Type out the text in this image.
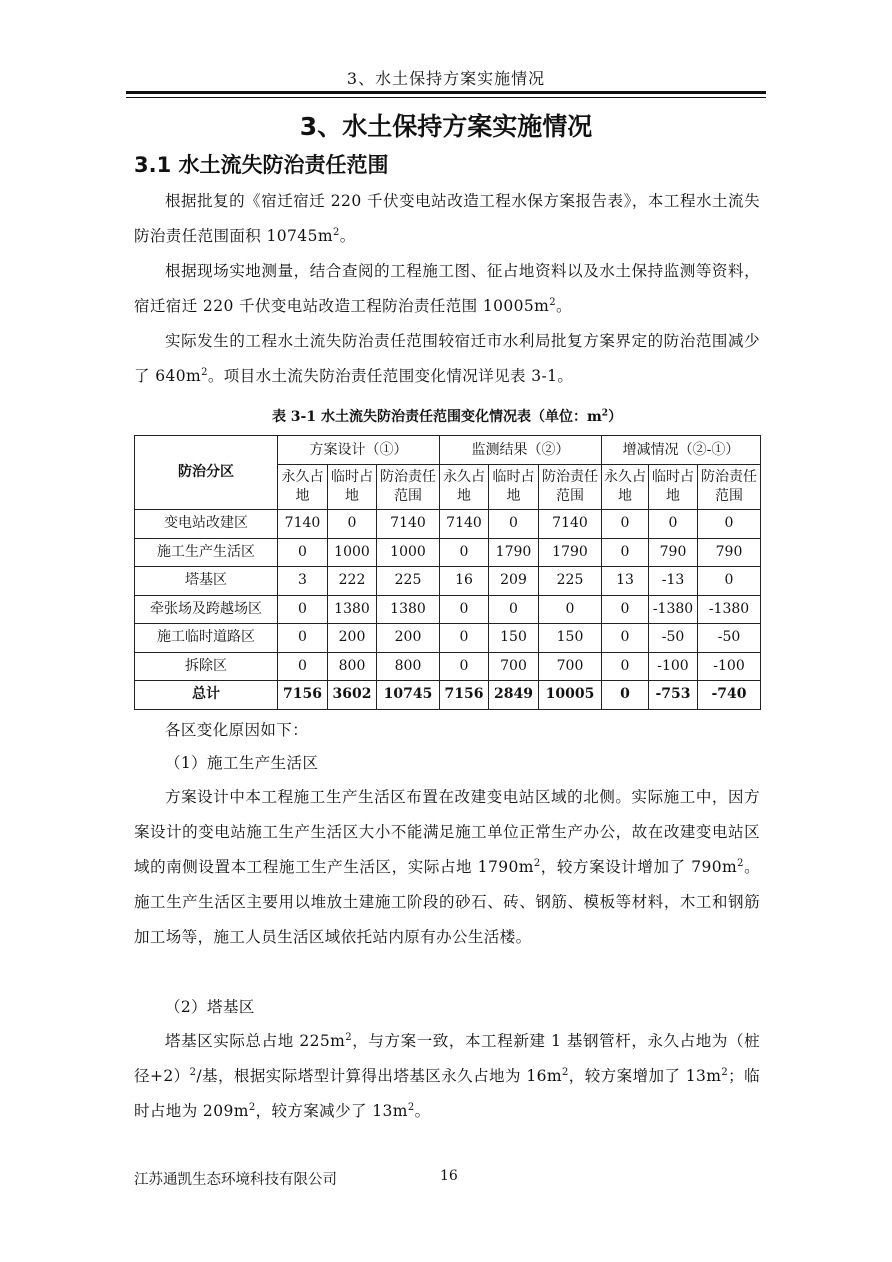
3、水土保持方案实施情况
3、水土保持方案实施情况
3.1 水土流失防治责任范围
根据批复的《宿迁宿迁 220 千伏变电站改造工程水保方案报告表》，本工程水土流失防治责任范围面积 $10745m^2$。
根据现场实地测量，结合查阅的工程施工图、征占地资料以及水土保持监测等资料，宿迁宿迁 220 千伏变电站改造工程防治责任范围 $10005m^2$。
实际发生的工程水土流失防治责任范围较宿迁市水利局批复方案界定的防治范围减少了 $640m^2$。项目水土流失防治责任范围变化情况详见表 3-1。
表 3-1 水土流失防治责任范围变化情况表（单位：$m^2$）
防治分区	方案设计（①）			监测结果（②）			增减情况（②-①）		
	永久占地	临时占地	防治责任范围	永久占地	临时占地	防治责任范围	永久占地	临时占地	防治责任范围
变电站改建区	7140	0	7140	7140	0	7140	0	0	0
施工生产生活区	0	1000	1000	0	1790	1790	0	790	790
塔基区	3	222	225	16	209	225	13	-13	0
牵张场及跨越场区	0	1380	1380	0	0	0	0	-1380	-1380
施工临时道路区	0	200	200	0	150	150	0	-50	-50
拆除区	0	800	800	0	700	700	0	-100	-100
总计	7156	3602	10745	7156	2849	10005	0	-753	-740
各区变化原因如下：
（1）施工生产生活区
方案设计中本工程施工生产生活区布置在改建变电站区域的北侧。实际施工中，因方案设计的变电站施工生产生活区大小不能满足施工单位正常生产办公，故在改建变电站区域的南侧设置本工程施工生产生活区，实际占地 $1790m^2$，较方案设计增加了 $790m^2$。施工生产生活区主要用以堆放土建施工阶段的砂石、砖、钢筋、模板等材料，木工和钢筋加工场等，施工人员生活区域依托站内原有办公生活楼。
（2）塔基区
塔基区实际总占地 $225m^2$，与方案一致，本工程新建 1 基钢管杆，永久占地为（桩径+2）$^2$/基，根据实际塔型计算得出塔基区永久占地为 $16m^2$，较方案增加了 $13m^2$；临时占地为 $209m^2$，较方案减少了 $13m^2$。
江苏通凯生态环境科技有限公司	16
